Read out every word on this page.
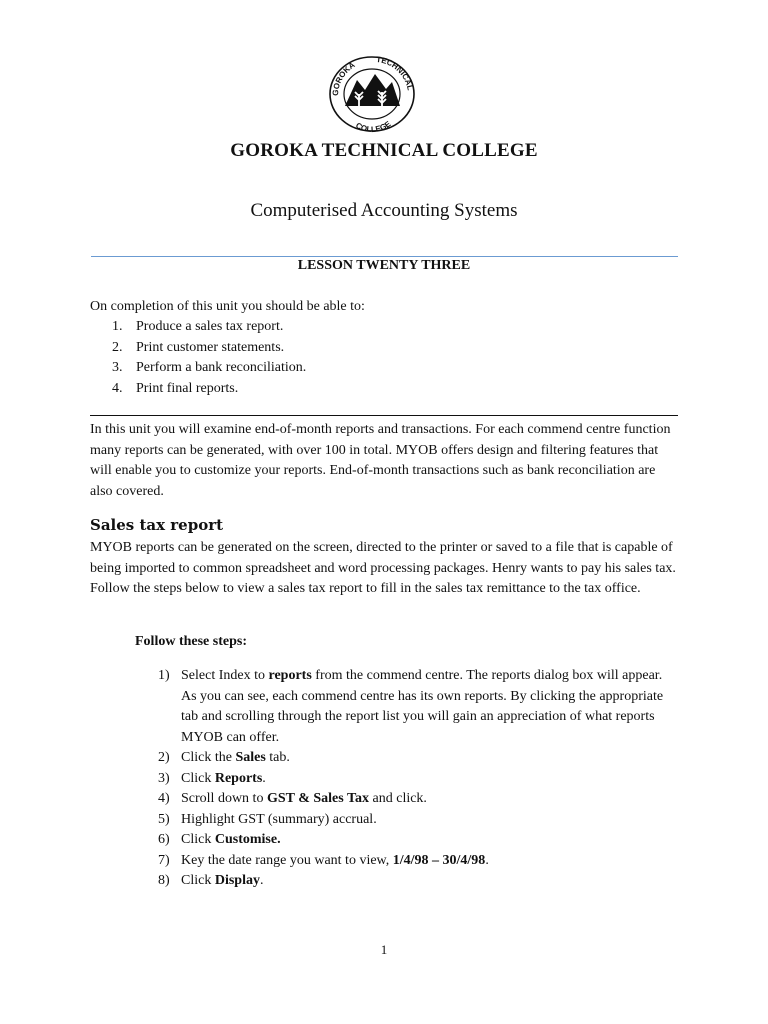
GOROKA
TECHNICAL
COLLEGE
GOROKA TECHNICAL COLLEGE
Computerised Accounting Systems
LESSON TWENTY THREE
On completion of this unit you should be able to:
1. Produce a sales tax report.
2. Print customer statements.
3. Perform a bank reconciliation.
4. Print final reports.

In this unit you will examine end-of-month reports and transactions. For each commend centre function many reports can be generated, with over 100 in total. MYOB offers design and filtering features that will enable you to customize your reports. End-of-month transactions such as bank reconciliation are also covered.

Sales tax report

MYOB reports can be generated on the screen, directed to the printer or saved to a file that is capable of being imported to common spreadsheet and word processing packages. Henry wants to pay his sales tax. Follow the steps below to view a sales tax report to fill in the sales tax remittance to the tax office.

Follow these steps:
1) Select Index to reports from the commend centre. The reports dialog box will appear. As you can see, each commend centre has its own reports. By clicking the appropriate tab and scrolling through the report list you will gain an appreciation of what reports MYOB can offer.
2) Click the Sales tab.
3) Click Reports.
4) Scroll down to GST & Sales Tax and click.
5) Highlight GST (summary) accrual.
6) Click Customise.
7) Key the date range you want to view, 1/4/98 – 30/4/98.
8) Click Display.
1
